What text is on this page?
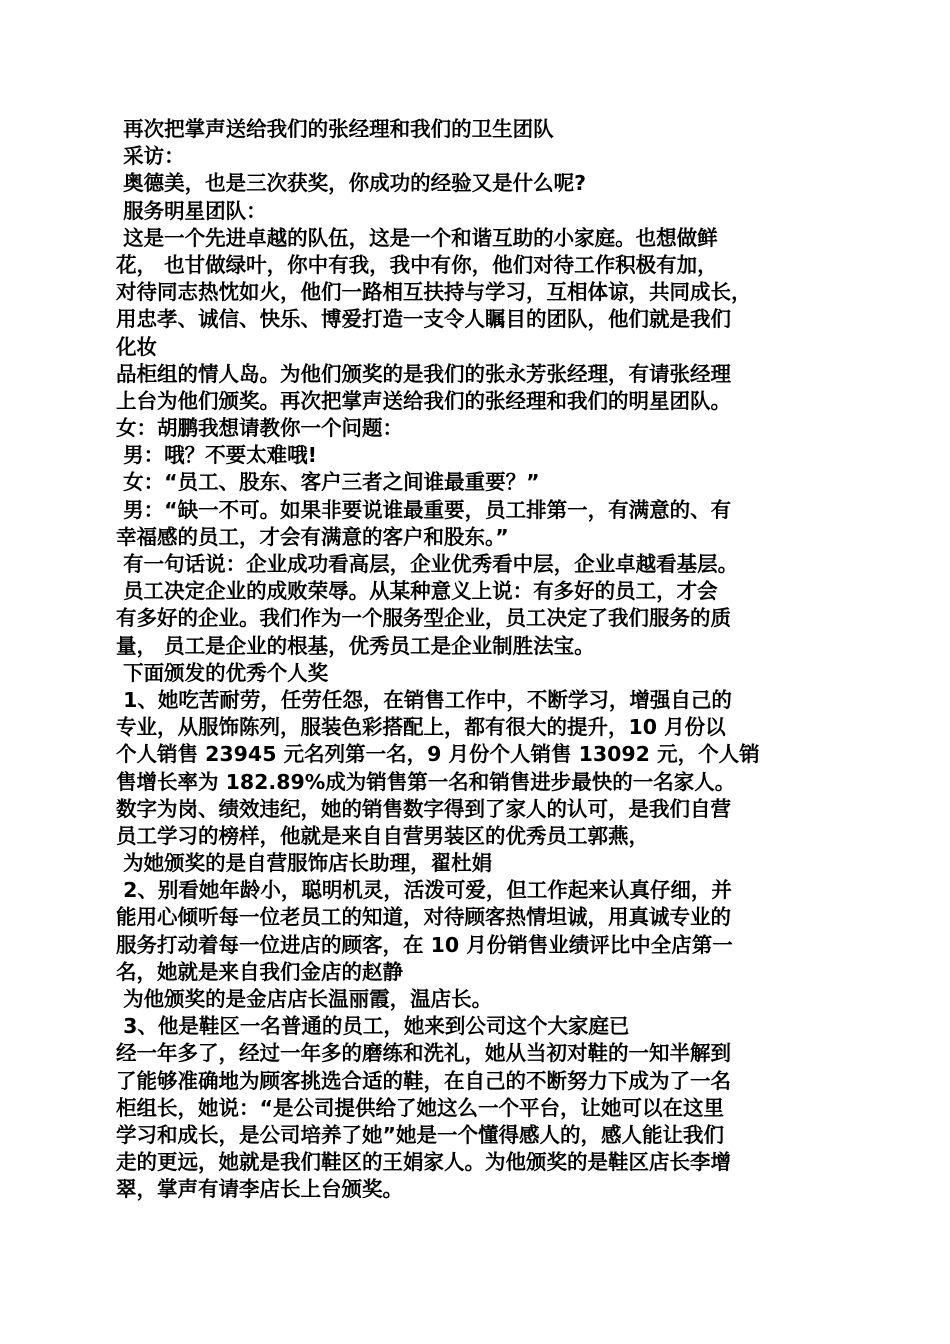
再次把掌声送给我们的张经理和我们的卫生团队
采访：
奥德美，也是三次获奖，你成功的经验又是什么呢?
服务明星团队：
这是一个先进卓越的队伍，这是一个和谐互助的小家庭。也想做鲜
花， 也甘做绿叶，你中有我，我中有你，他们对待工作积极有加，
对待同志热忱如火，他们一路相互扶持与学习，互相体谅，共同成长，
用忠孝、诚信、快乐、博爱打造一支令人瞩目的团队，他们就是我们
化妆
品柜组的情人岛。为他们颁奖的是我们的张永芳张经理，有请张经理
上台为他们颁奖。再次把掌声送给我们的张经理和我们的明星团队。
女：胡鹏我想请教你一个问题：
男：哦？不要太难哦!
女：“员工、股东、客户三者之间谁最重要？”
男：“缺一不可。如果非要说谁最重要，员工排第一，有满意的、有
幸福感的员工，才会有满意的客户和股东。”
有一句话说：企业成功看高层，企业优秀看中层，企业卓越看基层。
员工决定企业的成败荣辱。从某种意义上说：有多好的员工，才会
有多好的企业。我们作为一个服务型企业，员工决定了我们服务的质
量， 员工是企业的根基，优秀员工是企业制胜法宝。
下面颁发的优秀个人奖
1、她吃苦耐劳，任劳任怨，在销售工作中，不断学习，增强自己的
专业，从服饰陈列，服装色彩搭配上，都有很大的提升，10 月份以
个人销售 23945 元名列第一名，9 月份个人销售 13092 元，个人销
售增长率为 182.89%成为销售第一名和销售进步最快的一名家人。
数字为岗、绩效违纪，她的销售数字得到了家人的认可，是我们自营
员工学习的榜样，他就是来自自营男装区的优秀员工郭燕，
为她颁奖的是自营服饰店长助理，翟杜娟
2、别看她年龄小，聪明机灵，活泼可爱，但工作起来认真仔细，并
能用心倾听每一位老员工的知道，对待顾客热情坦诚，用真诚专业的
服务打动着每一位进店的顾客，在 10 月份销售业绩评比中全店第一
名，她就是来自我们金店的赵静
为他颁奖的是金店店长温丽霞，温店长。
3、他是鞋区一名普通的员工，她来到公司这个大家庭已
经一年多了，经过一年多的磨练和洗礼，她从当初对鞋的一知半解到
了能够准确地为顾客挑选合适的鞋，在自己的不断努力下成为了一名
柜组长，她说：“是公司提供给了她这么一个平台，让她可以在这里
学习和成长，是公司培养了她”她是一个懂得感人的，感人能让我们
走的更远，她就是我们鞋区的王娟家人。为他颁奖的是鞋区店长李增
翠，掌声有请李店长上台颁奖。
